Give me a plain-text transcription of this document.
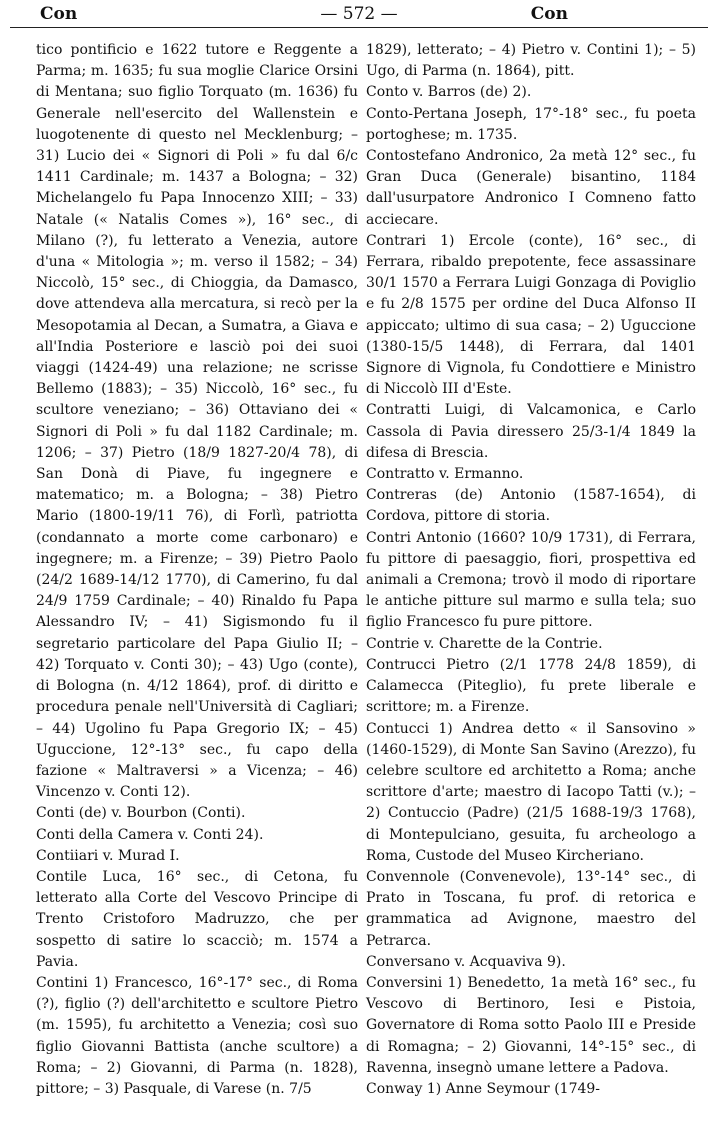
Con	— 572 —	Con

tico pontificio e 1622 tutore e Reggente a Parma; m. 1635; fu sua moglie Clarice Orsini di Mentana; suo figlio Torquato (m. 1636) fu Generale nell'esercito del Wallenstein e luogotenente di questo nel Mecklenburg; – 31) Lucio dei « Signori di Poli » fu dal 6/c 1411 Cardinale; m. 1437 a Bologna; – 32) Michelangelo fu Papa Innocenzo XIII; – 33) Natale (« Natalis Comes »), 16° sec., di Milano (?), fu letterato a Venezia, autore d'una « Mitologia »; m. verso il 1582; – 34) Niccolò, 15° sec., di Chioggia, da Damasco, dove attendeva alla mercatura, si recò per la Mesopotamia al Decan, a Sumatra, a Giava e all'India Posteriore e lasciò poi dei suoi viaggi (1424-49) una relazione; ne scrisse Bellemo (1883); – 35) Niccolò, 16° sec., fu scultore veneziano; – 36) Ottaviano dei « Signori di Poli » fu dal 1182 Cardinale; m. 1206; – 37) Pietro (18/9 1827-20/4 78), di San Donà di Piave, fu ingegnere e matematico; m. a Bologna; – 38) Pietro Mario (1800-19/11 76), di Forlì, patriotta (condannato a morte come carbonaro) e ingegnere; m. a Firenze; – 39) Pietro Paolo (24/2 1689-14/12 1770), di Camerino, fu dal 24/9 1759 Cardinale; – 40) Rinaldo fu Papa Alessandro IV; – 41) Sigismondo fu il segretario particolare del Papa Giulio II; – 42) Torquato v. Conti 30); – 43) Ugo (conte), di Bologna (n. 4/12 1864), prof. di diritto e procedura penale nell'Università di Cagliari; – 44) Ugolino fu Papa Gregorio IX; – 45) Uguccione, 12°-13° sec., fu capo della fazione « Maltraversi » a Vicenza; – 46) Vincenzo v. Conti 12).

Conti (de) v. Bourbon (Conti).

Conti della Camera v. Conti 24).

Contiiari v. Murad I.

Contile Luca, 16° sec., di Cetona, fu letterato alla Corte del Vescovo Principe di Trento Cristoforo Madruzzo, che per sospetto di satire lo scacciò; m. 1574 a Pavia.

Contini 1) Francesco, 16°-17° sec., di Roma (?), figlio (?) dell'architetto e scultore Pietro (m. 1595), fu architetto a Venezia; così suo figlio Giovanni Battista (anche scultore) a Roma; – 2) Giovanni, di Parma (n. 1828), pittore; – 3) Pasquale, di Varese (n. 7/5

1829), letterato; – 4) Pietro v. Contini 1); – 5) Ugo, di Parma (n. 1864), pitt.

Conto v. Barros (de) 2).

Conto-Pertana Joseph, 17°-18° sec., fu poeta portoghese; m. 1735.

Contostefano Andronico, 2a metà 12° sec., fu Gran Duca (Generale) bisantino, 1184 dall'usurpatore Andronico I Comneno fatto acciecare.

Contrari 1) Ercole (conte), 16° sec., di Ferrara, ribaldo prepotente, fece assassinare 30/1 1570 a Ferrara Luigi Gonzaga di Poviglio e fu 2/8 1575 per ordine del Duca Alfonso II appiccato; ultimo di sua casa; – 2) Uguccione (1380-15/5 1448), di Ferrara, dal 1401 Signore di Vignola, fu Condottiere e Ministro di Niccolò III d'Este.

Contratti Luigi, di Valcamonica, e Carlo Cassola di Pavia diressero 25/3-1/4 1849 la difesa di Brescia.

Contratto v. Ermanno.

Contreras (de) Antonio (1587-1654), di Cordova, pittore di storia.

Contri Antonio (1660? 10/9 1731), di Ferrara, fu pittore di paesaggio, fiori, prospettiva ed animali a Cremona; trovò il modo di riportare le antiche pitture sul marmo e sulla tela; suo figlio Francesco fu pure pittore.

Contrie v. Charette de la Contrie.

Contrucci Pietro (2/1 1778 24/8 1859), di Calamecca (Piteglio), fu prete liberale e scrittore; m. a Firenze.

Contucci 1) Andrea detto « il Sansovino » (1460-1529), di Monte San Savino (Arezzo), fu celebre scultore ed architetto a Roma; anche scrittore d'arte; maestro di Iacopo Tatti (v.); – 2) Contuccio (Padre) (21/5 1688-19/3 1768), di Montepulciano, gesuita, fu archeologo a Roma, Custode del Museo Kircheriano.

Convennole (Convenevole), 13°-14° sec., di Prato in Toscana, fu prof. di retorica e grammatica ad Avignone, maestro del Petrarca.

Conversano v. Acquaviva 9).

Conversini 1) Benedetto, 1a metà 16° sec., fu Vescovo di Bertinoro, Iesi e Pistoia, Governatore di Roma sotto Paolo III e Preside di Romagna; – 2) Giovanni, 14°-15° sec., di Ravenna, insegnò umane lettere a Padova.

Conway 1) Anne Seymour (1749-
